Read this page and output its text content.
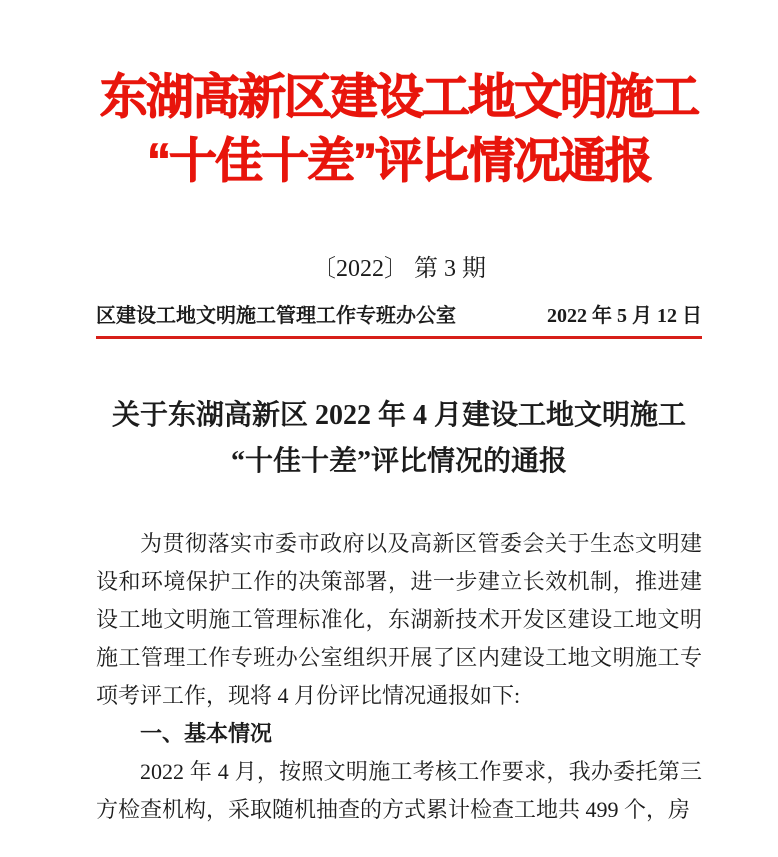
东湖高新区建设工地文明施工
“十佳十差”评比情况通报
〔2022〕 第 3 期
区建设工地文明施工管理工作专班办公室	2022 年 5 月 12 日
关于东湖高新区 2022 年 4 月建设工地文明施工
“十佳十差”评比情况的通报

为贯彻落实市委市政府以及高新区管委会关于生态文明建设和环境保护工作的决策部署，进一步建立长效机制，推进建设工地文明施工管理标准化，东湖新技术开发区建设工地文明施工管理工作专班办公室组织开展了区内建设工地文明施工专项考评工作，现将 4 月份评比情况通报如下:

一、基本情况

2022 年 4 月，按照文明施工考核工作要求，我办委托第三方检查机构，采取随机抽查的方式累计检查工地共 499 个，房
